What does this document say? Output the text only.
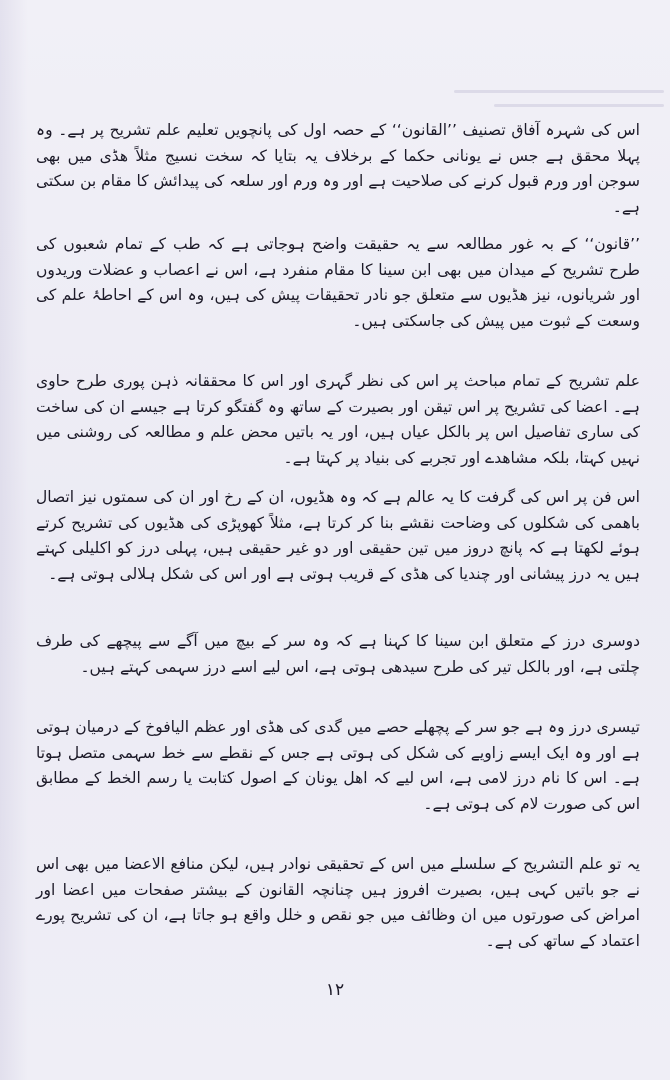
اس کی شہرہ آفاق تصنیف ’’القانون‘‘ کے حصہ اول کی پانچویں تعلیم علم تشریح پر ہے۔ وہ پہلا محقق ہے جس نے یونانی حکما کے برخلاف یہ بتایا کہ سخت نسیج مثلاً ھڈی میں بھی سوجن اور ورم قبول کرنے کی صلاحیت ہے اور وہ ورم اور سلعہ کی پیدائش کا مقام بن سکتی ہے۔

’’قانون‘‘ کے بہ غور مطالعہ سے یہ حقیقت واضح ہوجاتی ہے کہ طب کے تمام شعبوں کی طرح تشریح کے میدان میں بھی ابن سینا کا مقام منفرد ہے، اس نے اعصاب و عضلات وریدوں اور شریانوں، نیز ھڈیوں سے متعلق جو نادر تحقیقات پیش کی ہیں، وہ اس کے احاطۂ علم کی وسعت کے ثبوت میں پیش کی جاسکتی ہیں۔

علم تشریح کے تمام مباحث پر اس کی نظر گہری اور اس کا محققانہ ذہن پوری طرح حاوی ہے۔ اعضا کی تشریح پر اس تیقن اور بصیرت کے ساتھ وہ گفتگو کرتا ہے جیسے ان کی ساخت کی ساری تفاصیل اس پر بالکل عیاں ہیں، اور یہ باتیں محض علم و مطالعہ کی روشنی میں نہیں کہتا، بلکہ مشاھدے اور تجربے کی بنیاد پر کہتا ہے۔

اس فن پر اس کی گرفت کا یہ عالم ہے کہ وہ ھڈیوں، ان کے رخ اور ان کی سمتوں نیز اتصال باھمی کی شکلوں کی وضاحت نقشے بنا کر کرتا ہے، مثلاً کھوپڑی کی ھڈیوں کی تشریح کرتے ہوئے لکھتا ہے کہ پانچ دروز میں تین حقیقی اور دو غیر حقیقی ہیں، پہلی درز کو اکلیلی کہتے ہیں یہ درز پیشانی اور چندیا کی ھڈی کے قریب ہوتی ہے اور اس کی شکل ہلالی ہوتی ہے۔

دوسری درز کے متعلق ابن سینا کا کہنا ہے کہ وہ سر کے بیچ میں آگے سے پیچھے کی طرف چلتی ہے، اور بالکل تیر کی طرح سیدھی ہوتی ہے، اس لیے اسے درز سہمی کہتے ہیں۔

تیسری درز وہ ہے جو سر کے پچھلے حصے میں گدی کی ھڈی اور عظم الیافوخ کے درمیان ہوتی ہے اور وہ ایک ایسے زاویے کی شکل کی ہوتی ہے جس کے نقطے سے خط سہمی متصل ہوتا ہے۔ اس کا نام درز لامی ہے، اس لیے کہ اھل یونان کے اصول کتابت یا رسم الخط کے مطابق اس کی صورت لام کی ہوتی ہے۔

یہ تو علم التشریح کے سلسلے میں اس کے تحقیقی نوادر ہیں، لیکن منافع الاعضا میں بھی اس نے جو باتیں کہی ہیں، بصیرت افروز ہیں چنانچہ القانون کے بیشتر صفحات میں اعضا اور امراض کی صورتوں میں ان وظائف میں جو نقص و خلل واقع ہو جاتا ہے، ان کی تشریح پورے اعتماد کے ساتھ کی ہے۔

۱۲
